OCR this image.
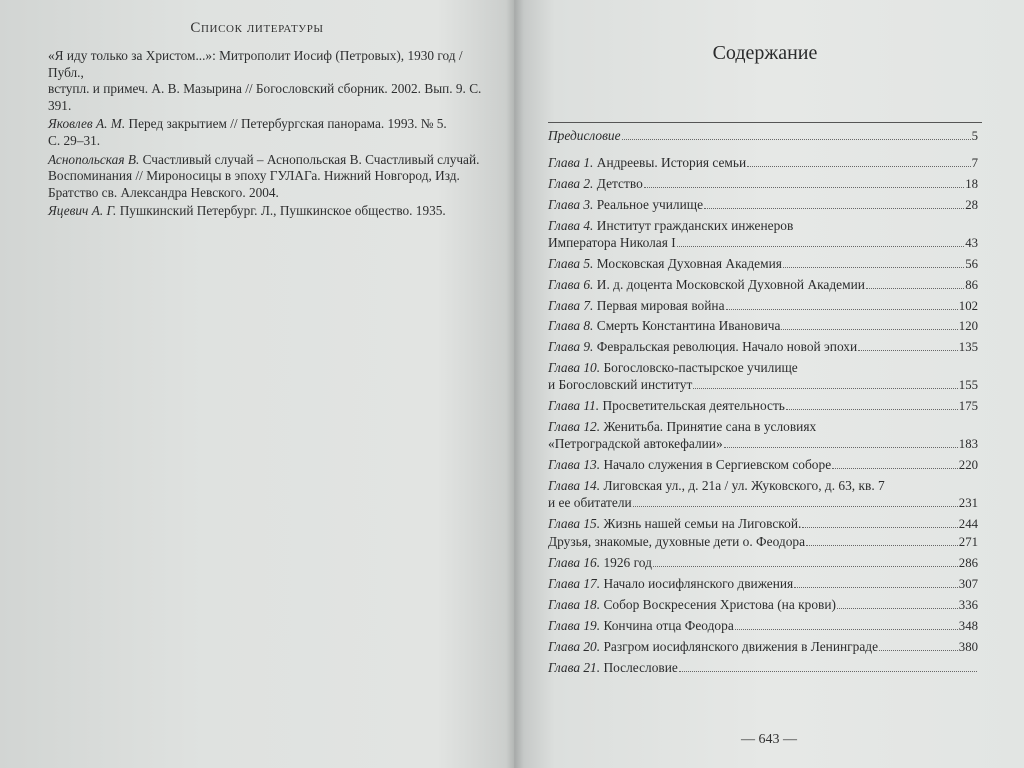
Список литературы
«Я иду только за Христом...»: Митрополит Иосиф (Петровых), 1930 год / Публ.,
вступл. и примеч. А. В. Мазырина // Богословский сборник. 2002. Вып. 9. С. 391.
Яковлев А. М. Перед закрытием // Петербургская панорама. 1993. № 5.
С. 29–31.
Аснопольская В. Счастливый случай – Аснопольская В. Счастливый случай.
Воспоминания // Мироносицы в эпоху ГУЛАГа. Нижний Новгород, Изд. Братство св. Александра Невского. 2004.
Яцевич А. Г. Пушкинский Петербург. Л., Пушкинское общество. 1935.
Содержание
Предисловие	5
Глава 1. Андреевы. История семьи	7
Глава 2. Детство	18
Глава 3. Реальное училище	28
Глава 4. Институт гражданских инженеров
Императора Николая I	43
Глава 5. Московская Духовная Академия	56
Глава 6. И. д. доцента Московской Духовной Академии	86
Глава 7. Первая мировая война	102
Глава 8. Смерть Константина Ивановича	120
Глава 9. Февральская революция. Начало новой эпохи	135
Глава 10. Богословско-пастырское училище
и Богословский институт	155
Глава 11. Просветительская деятельность	175
Глава 12. Женитьба. Принятие сана в условиях
«Петроградской автокефалии»	183
Глава 13. Начало служения в Сергиевском соборе	220
Глава 14. Лиговская ул., д. 21а / ул. Жуковского, д. 63, кв. 7
и ее обитатели	231
Глава 15. Жизнь нашей семьи на Лиговской.	244
Друзья, знакомые, духовные дети о. Феодора	271
Глава 16. 1926 год	286
Глава 17. Начало иосифлянского движения	307
Глава 18. Собор Воскресения Христова (на крови)	336
Глава 19. Кончина отца Феодора	348
Глава 20. Разгром иосифлянского движения в Ленинграде	380
Глава 21. Послесловие
— 643 —
